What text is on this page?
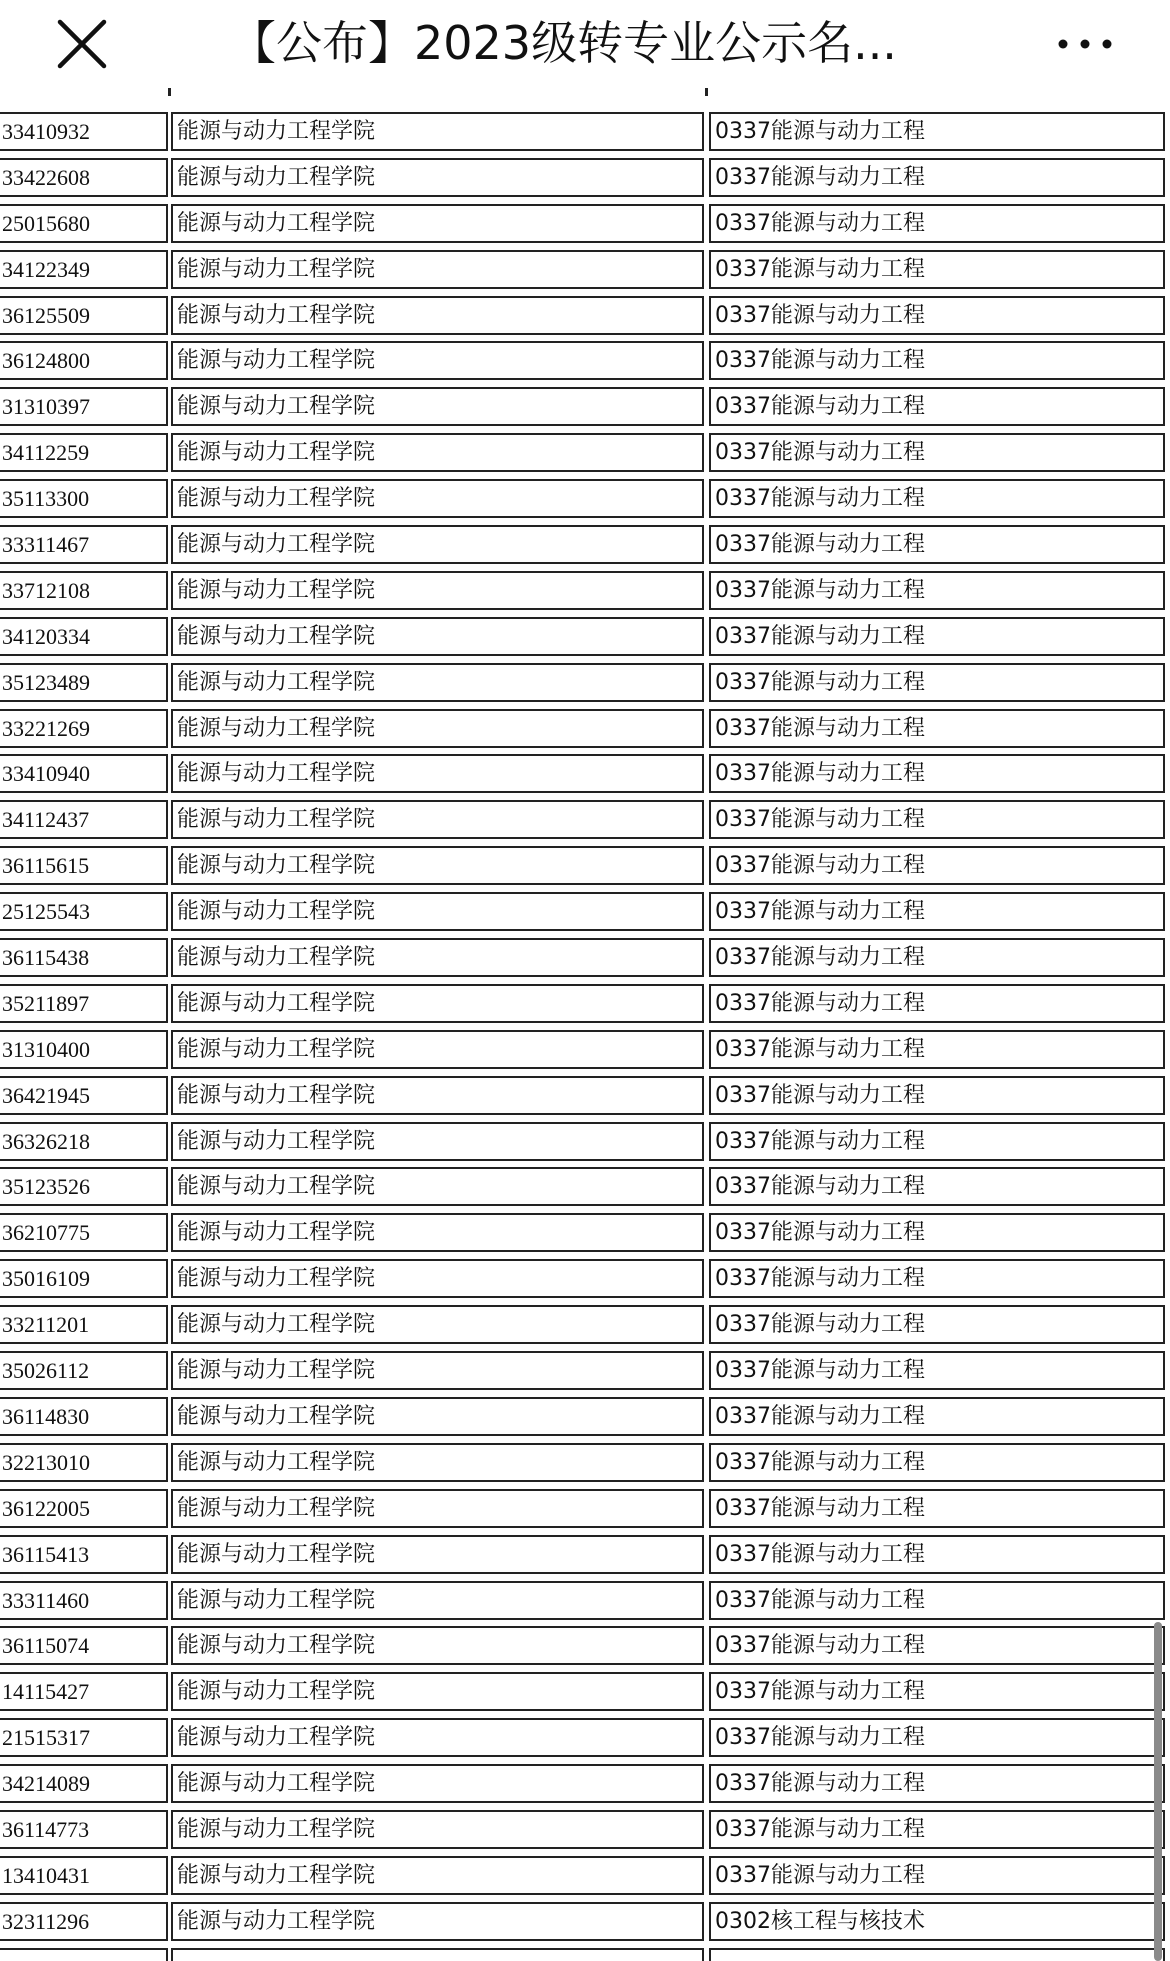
【公布】2023级转专业公示名...
33410932	能源与动力工程学院	0337能源与动力工程
33422608	能源与动力工程学院	0337能源与动力工程
25015680	能源与动力工程学院	0337能源与动力工程
34122349	能源与动力工程学院	0337能源与动力工程
36125509	能源与动力工程学院	0337能源与动力工程
36124800	能源与动力工程学院	0337能源与动力工程
31310397	能源与动力工程学院	0337能源与动力工程
34112259	能源与动力工程学院	0337能源与动力工程
35113300	能源与动力工程学院	0337能源与动力工程
33311467	能源与动力工程学院	0337能源与动力工程
33712108	能源与动力工程学院	0337能源与动力工程
34120334	能源与动力工程学院	0337能源与动力工程
35123489	能源与动力工程学院	0337能源与动力工程
33221269	能源与动力工程学院	0337能源与动力工程
33410940	能源与动力工程学院	0337能源与动力工程
34112437	能源与动力工程学院	0337能源与动力工程
36115615	能源与动力工程学院	0337能源与动力工程
25125543	能源与动力工程学院	0337能源与动力工程
36115438	能源与动力工程学院	0337能源与动力工程
35211897	能源与动力工程学院	0337能源与动力工程
31310400	能源与动力工程学院	0337能源与动力工程
36421945	能源与动力工程学院	0337能源与动力工程
36326218	能源与动力工程学院	0337能源与动力工程
35123526	能源与动力工程学院	0337能源与动力工程
36210775	能源与动力工程学院	0337能源与动力工程
35016109	能源与动力工程学院	0337能源与动力工程
33211201	能源与动力工程学院	0337能源与动力工程
35026112	能源与动力工程学院	0337能源与动力工程
36114830	能源与动力工程学院	0337能源与动力工程
32213010	能源与动力工程学院	0337能源与动力工程
36122005	能源与动力工程学院	0337能源与动力工程
36115413	能源与动力工程学院	0337能源与动力工程
33311460	能源与动力工程学院	0337能源与动力工程
36115074	能源与动力工程学院	0337能源与动力工程
14115427	能源与动力工程学院	0337能源与动力工程
21515317	能源与动力工程学院	0337能源与动力工程
34214089	能源与动力工程学院	0337能源与动力工程
36114773	能源与动力工程学院	0337能源与动力工程
13410431	能源与动力工程学院	0337能源与动力工程
32311296	能源与动力工程学院	0302核工程与核技术
